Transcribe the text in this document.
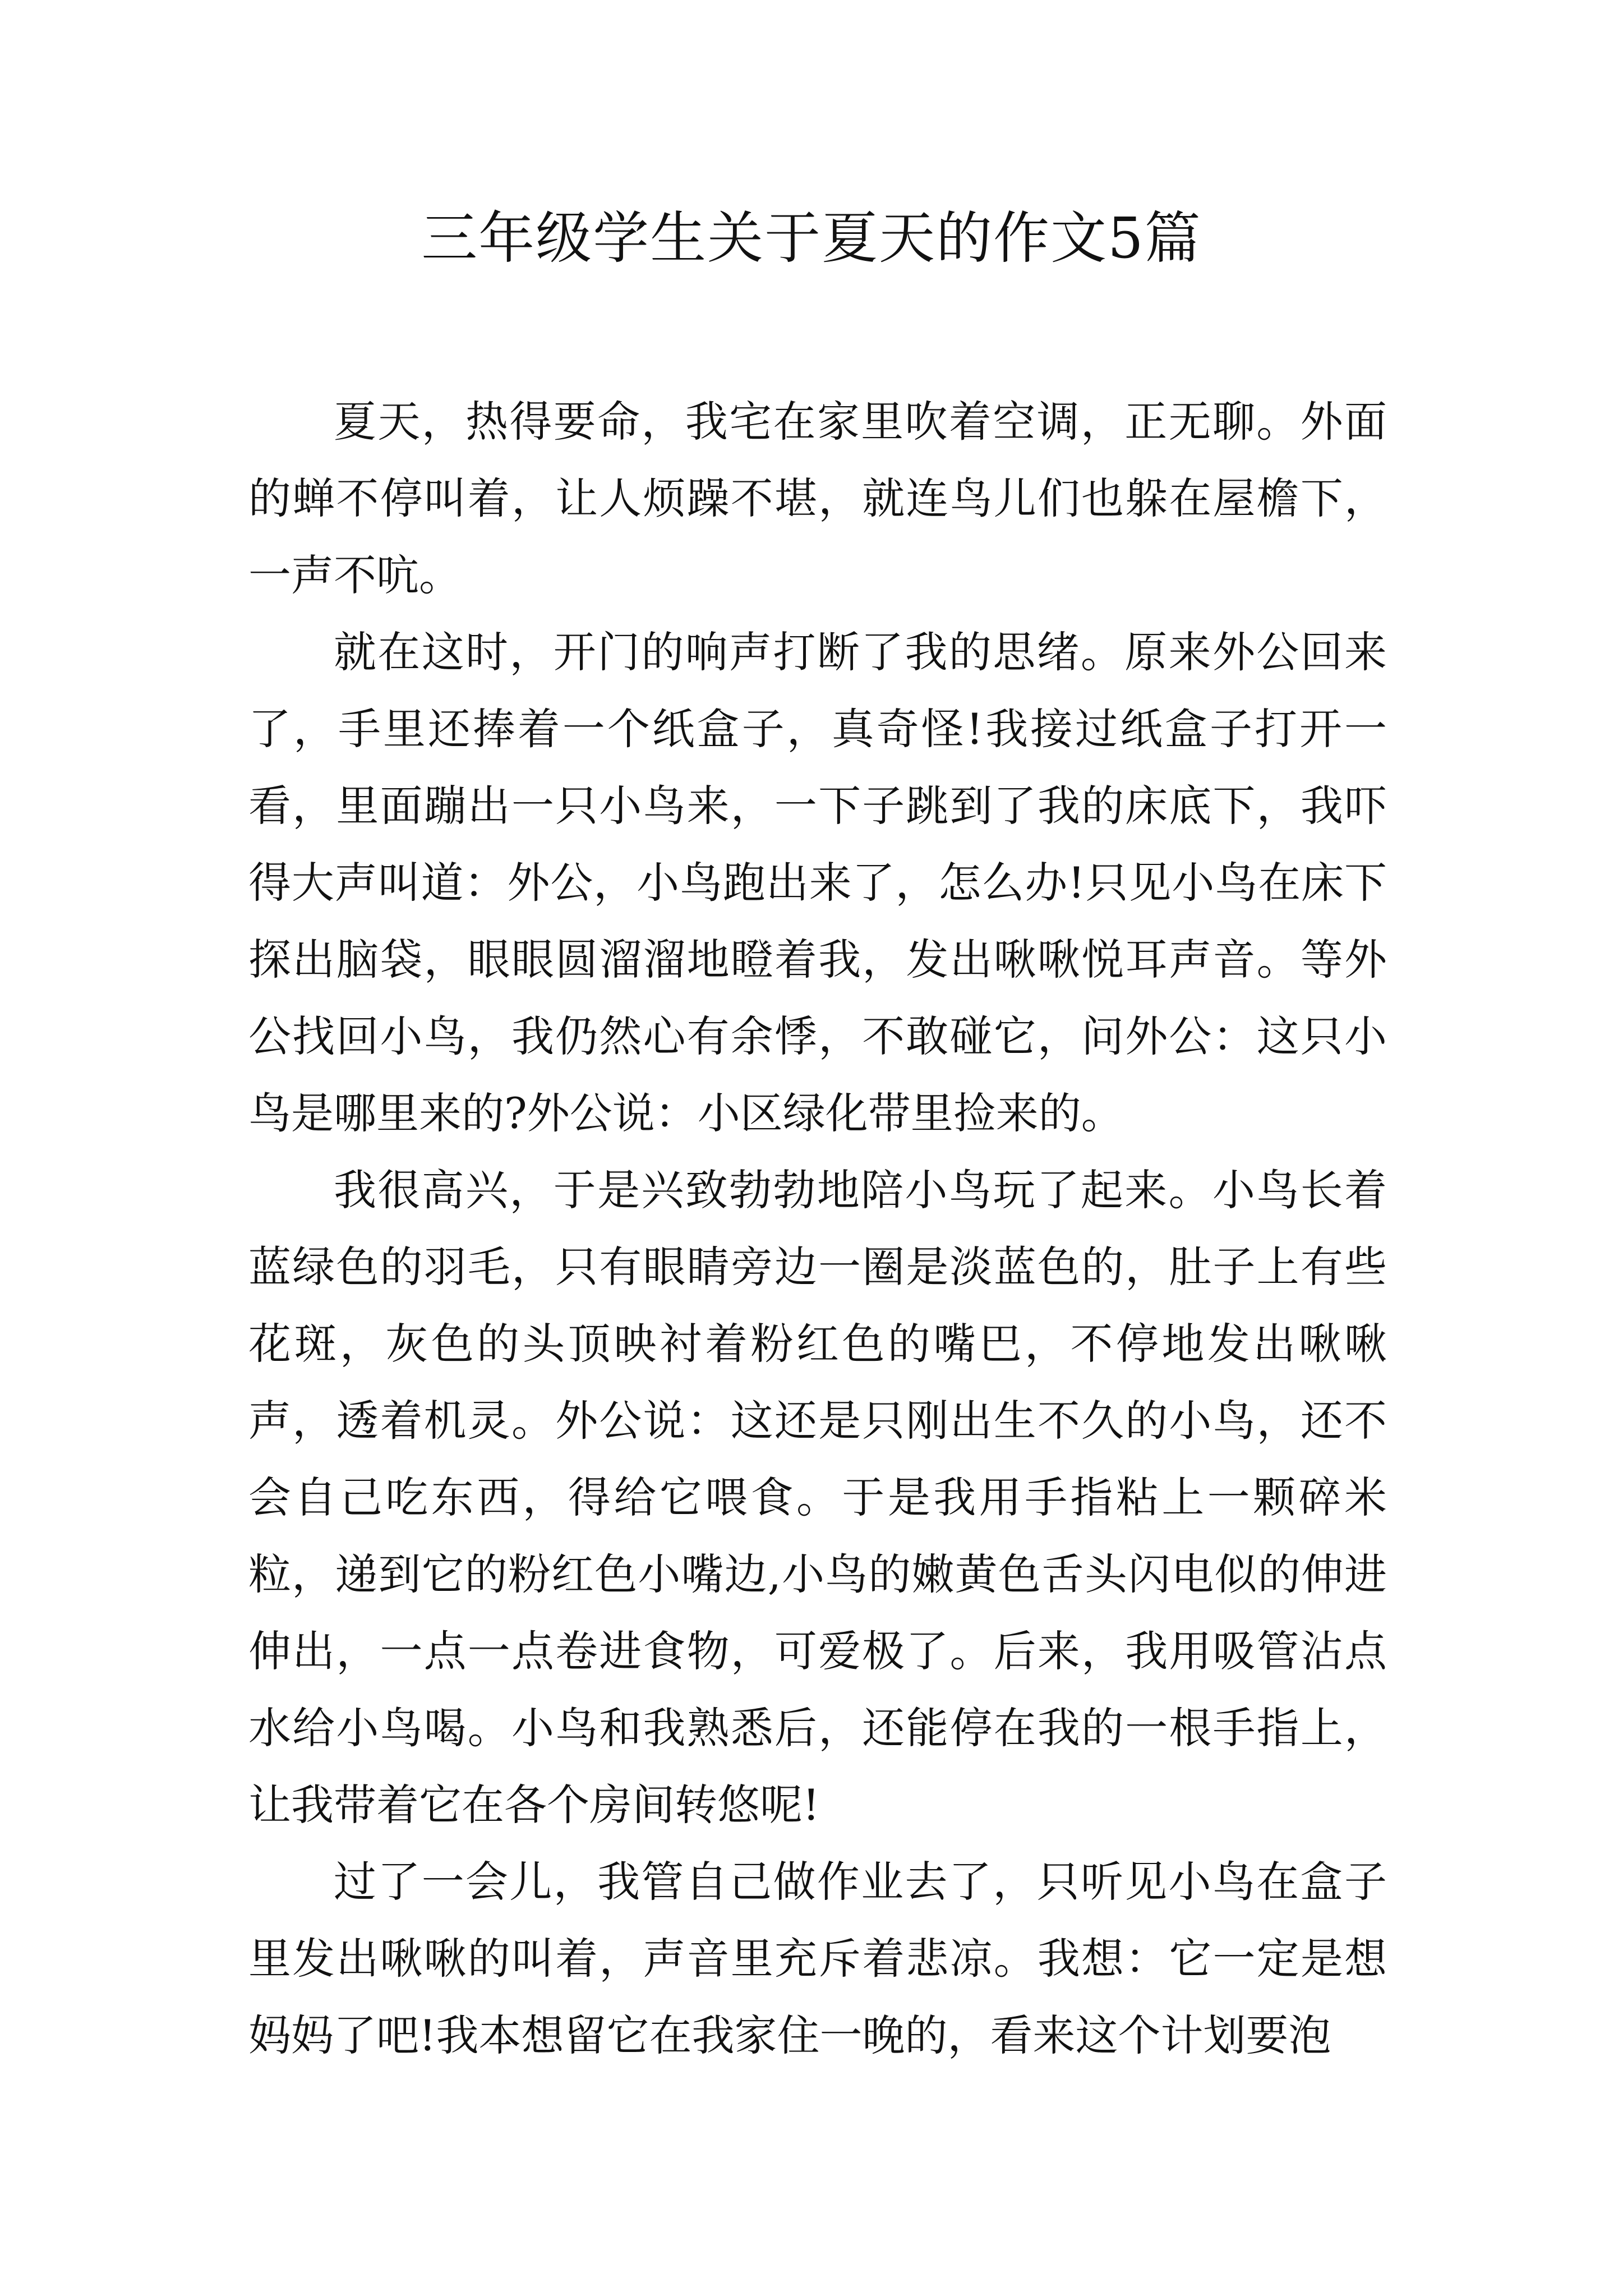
三年级学生关于夏天的作文5篇

夏天，热得要命，我宅在家里吹着空调，正无聊。外面的蝉不停叫着，让人烦躁不堪，就连鸟儿们也躲在屋檐下，一声不吭。

就在这时，开门的响声打断了我的思绪。原来外公回来了，手里还捧着一个纸盒子，真奇怪!我接过纸盒子打开一看，里面蹦出一只小鸟来，一下子跳到了我的床底下，我吓得大声叫道：外公，小鸟跑出来了，怎么办!只见小鸟在床下探出脑袋，眼眼圆溜溜地瞪着我，发出啾啾悦耳声音。等外公找回小鸟，我仍然心有余悸，不敢碰它，问外公：这只小鸟是哪里来的?外公说：小区绿化带里捡来的。

我很高兴，于是兴致勃勃地陪小鸟玩了起来。小鸟长着蓝绿色的羽毛，只有眼睛旁边一圈是淡蓝色的，肚子上有些花斑，灰色的头顶映衬着粉红色的嘴巴，不停地发出啾啾声，透着机灵。外公说：这还是只刚出生不久的小鸟，还不会自己吃东西，得给它喂食。于是我用手指粘上一颗碎米粒，递到它的粉红色小嘴边,小鸟的嫩黄色舌头闪电似的伸进伸出，一点一点卷进食物，可爱极了。后来，我用吸管沾点水给小鸟喝。小鸟和我熟悉后，还能停在我的一根手指上，让我带着它在各个房间转悠呢!

过了一会儿，我管自己做作业去了，只听见小鸟在盒子里发出啾啾的叫着，声音里充斥着悲凉。我想：它一定是想妈妈了吧!我本想留它在我家住一晚的，看来这个计划要泡
